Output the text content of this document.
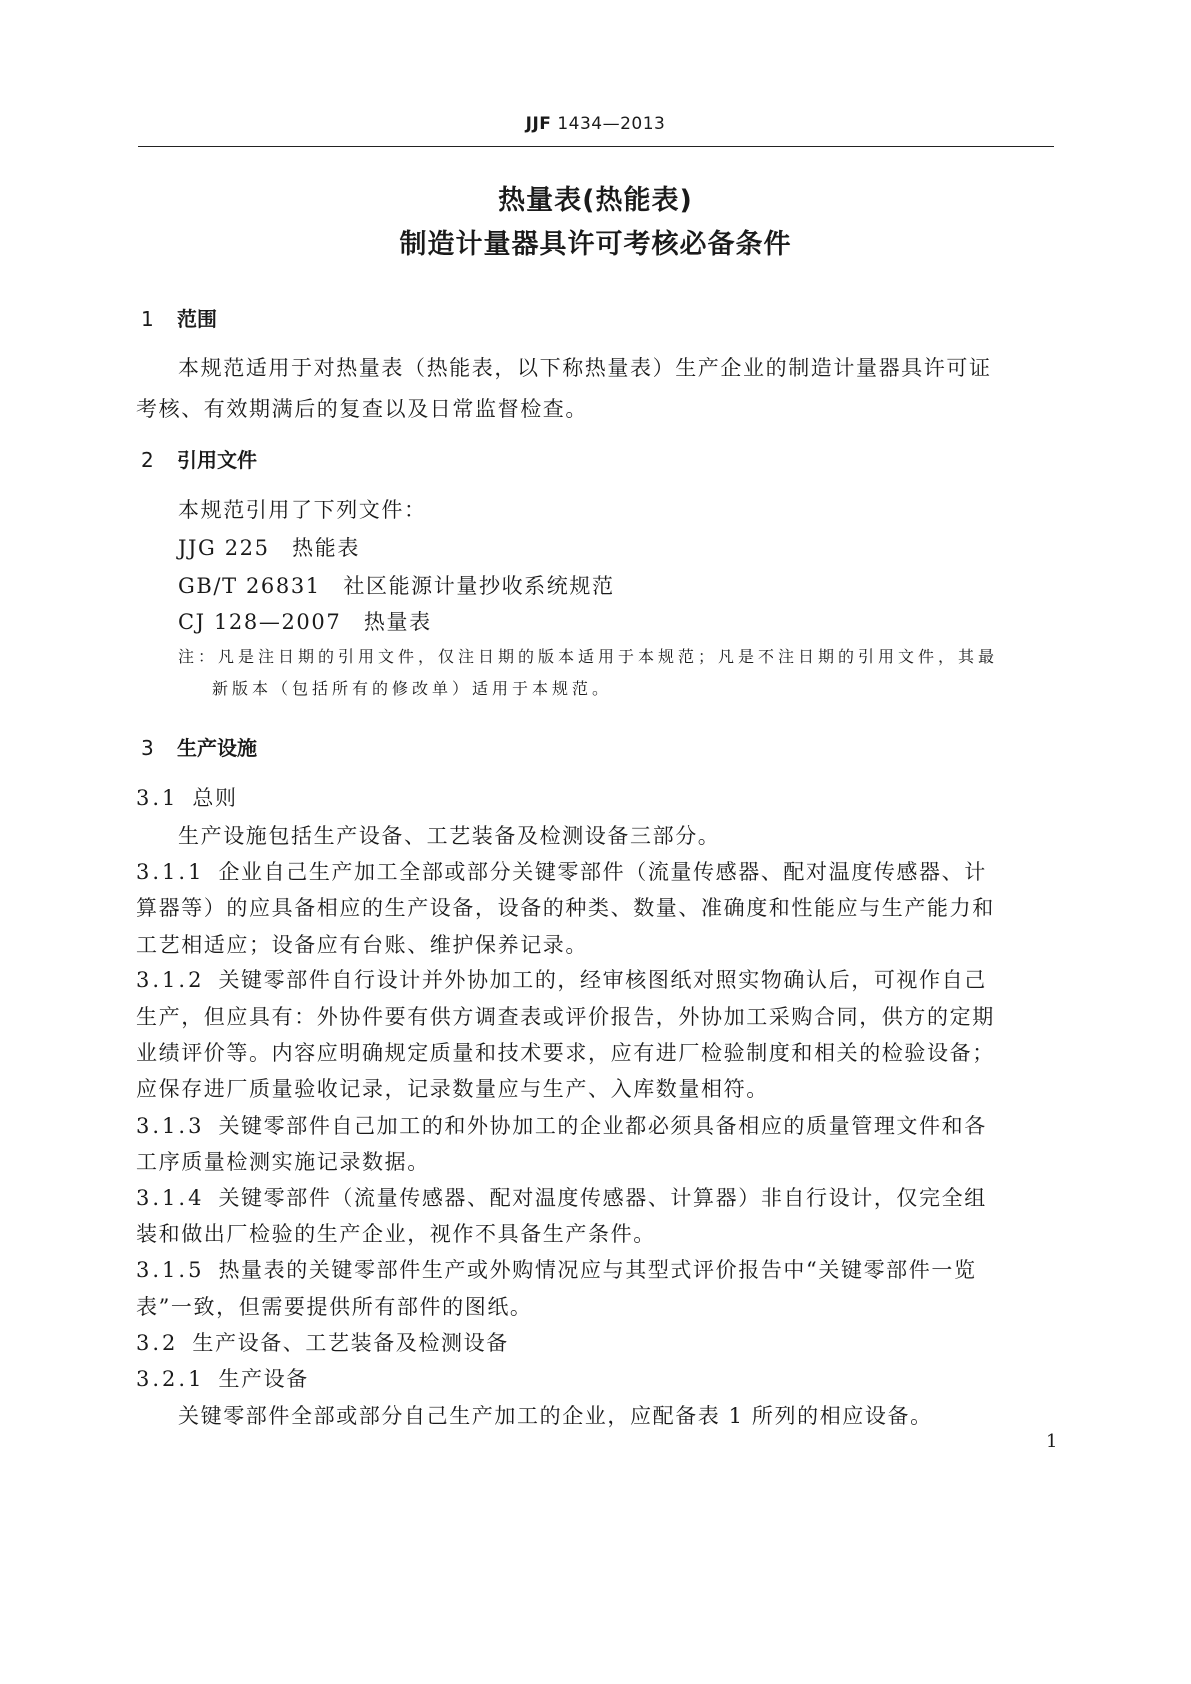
JJF 1434—2013
热量表(热能表)
制造计量器具许可考核必备条件
1 范围
本规范适用于对热量表（热能表，以下称热量表）生产企业的制造计量器具许可证
考核、有效期满后的复查以及日常监督检查。
2 引用文件
本规范引用了下列文件：
JJG 225　热能表
GB/T 26831　社区能源计量抄收系统规范
CJ 128—2007　热量表
注：凡是注日期的引用文件，仅注日期的版本适用于本规范；凡是不注日期的引用文件，其最
新版本（包括所有的修改单）适用于本规范。
3 生产设施
3.1 总则
生产设施包括生产设备、工艺装备及检测设备三部分。
3.1.1 企业自己生产加工全部或部分关键零部件（流量传感器、配对温度传感器、计
算器等）的应具备相应的生产设备，设备的种类、数量、准确度和性能应与生产能力和
工艺相适应；设备应有台账、维护保养记录。
3.1.2 关键零部件自行设计并外协加工的，经审核图纸对照实物确认后，可视作自己
生产，但应具有：外协件要有供方调查表或评价报告，外协加工采购合同，供方的定期
业绩评价等。内容应明确规定质量和技术要求，应有进厂检验制度和相关的检验设备；
应保存进厂质量验收记录，记录数量应与生产、入库数量相符。
3.1.3 关键零部件自己加工的和外协加工的企业都必须具备相应的质量管理文件和各
工序质量检测实施记录数据。
3.1.4 关键零部件（流量传感器、配对温度传感器、计算器）非自行设计，仅完全组
装和做出厂检验的生产企业，视作不具备生产条件。
3.1.5 热量表的关键零部件生产或外购情况应与其型式评价报告中“关键零部件一览
表”一致，但需要提供所有部件的图纸。
3.2 生产设备、工艺装备及检测设备
3.2.1 生产设备
关键零部件全部或部分自己生产加工的企业，应配备表 1 所列的相应设备。
1
